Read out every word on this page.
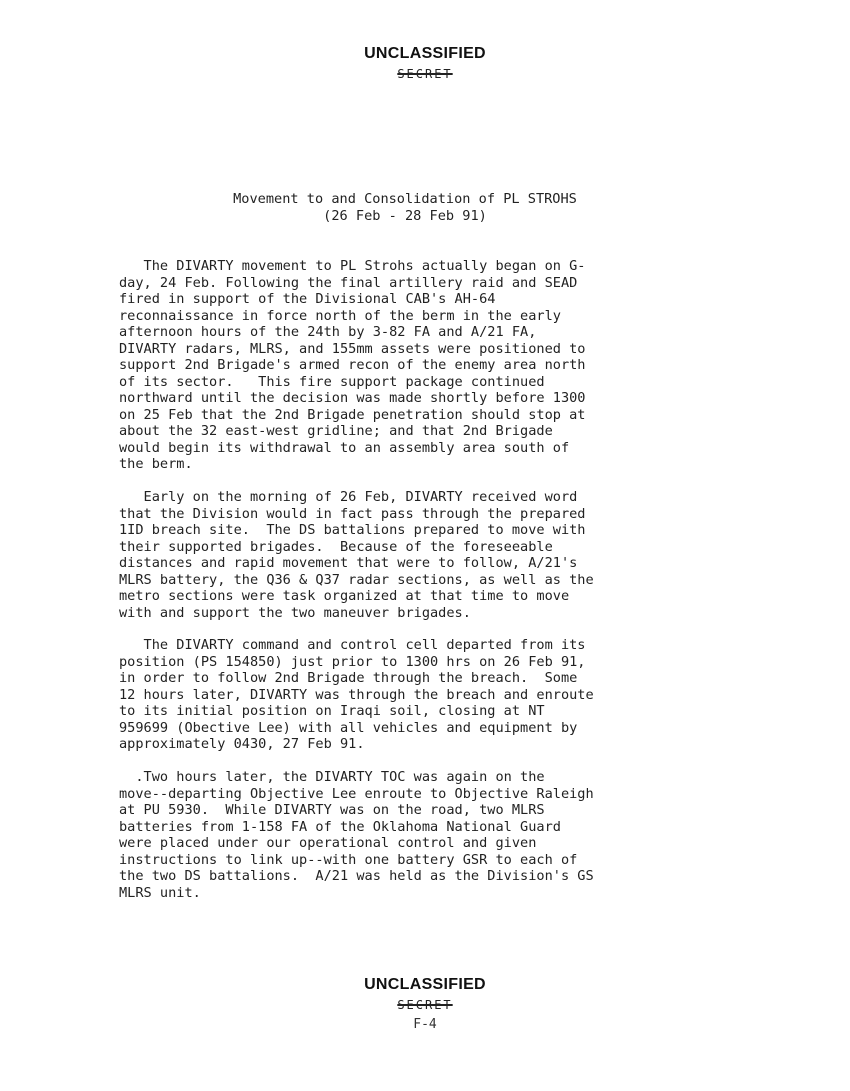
UNCLASSIFIED
SECRET
Movement to and Consolidation of PL STROHS
(26 Feb - 28 Feb 91)
The DIVARTY movement to PL Strohs actually began on G-
day, 24 Feb. Following the final artillery raid and SEAD
fired in support of the Divisional CAB's AH-64
reconnaissance in force north of the berm in the early
afternoon hours of the 24th by 3-82 FA and A/21 FA,
DIVARTY radars, MLRS, and 155mm assets were positioned to
support 2nd Brigade's armed recon of the enemy area north
of its sector.   This fire support package continued
northward until the decision was made shortly before 1300
on 25 Feb that the 2nd Brigade penetration should stop at
about the 32 east-west gridline; and that 2nd Brigade
would begin its withdrawal to an assembly area south of
the berm.
Early on the morning of 26 Feb, DIVARTY received word
that the Division would in fact pass through the prepared
1ID breach site.  The DS battalions prepared to move with
their supported brigades.  Because of the foreseeable
distances and rapid movement that were to follow, A/21's
MLRS battery, the Q36 & Q37 radar sections, as well as the
metro sections were task organized at that time to move
with and support the two maneuver brigades.
The DIVARTY command and control cell departed from its
position (PS 154850) just prior to 1300 hrs on 26 Feb 91,
in order to follow 2nd Brigade through the breach.  Some
12 hours later, DIVARTY was through the breach and enroute
to its initial position on Iraqi soil, closing at NT
959699 (Obective Lee) with all vehicles and equipment by
approximately 0430, 27 Feb 91.
.Two hours later, the DIVARTY TOC was again on the
move--departing Objective Lee enroute to Objective Raleigh
at PU 5930.  While DIVARTY was on the road, two MLRS
batteries from 1-158 FA of the Oklahoma National Guard
were placed under our operational control and given
instructions to link up--with one battery GSR to each of
the two DS battalions.  A/21 was held as the Division's GS
MLRS unit.
UNCLASSIFIED
SECRET
F-4
